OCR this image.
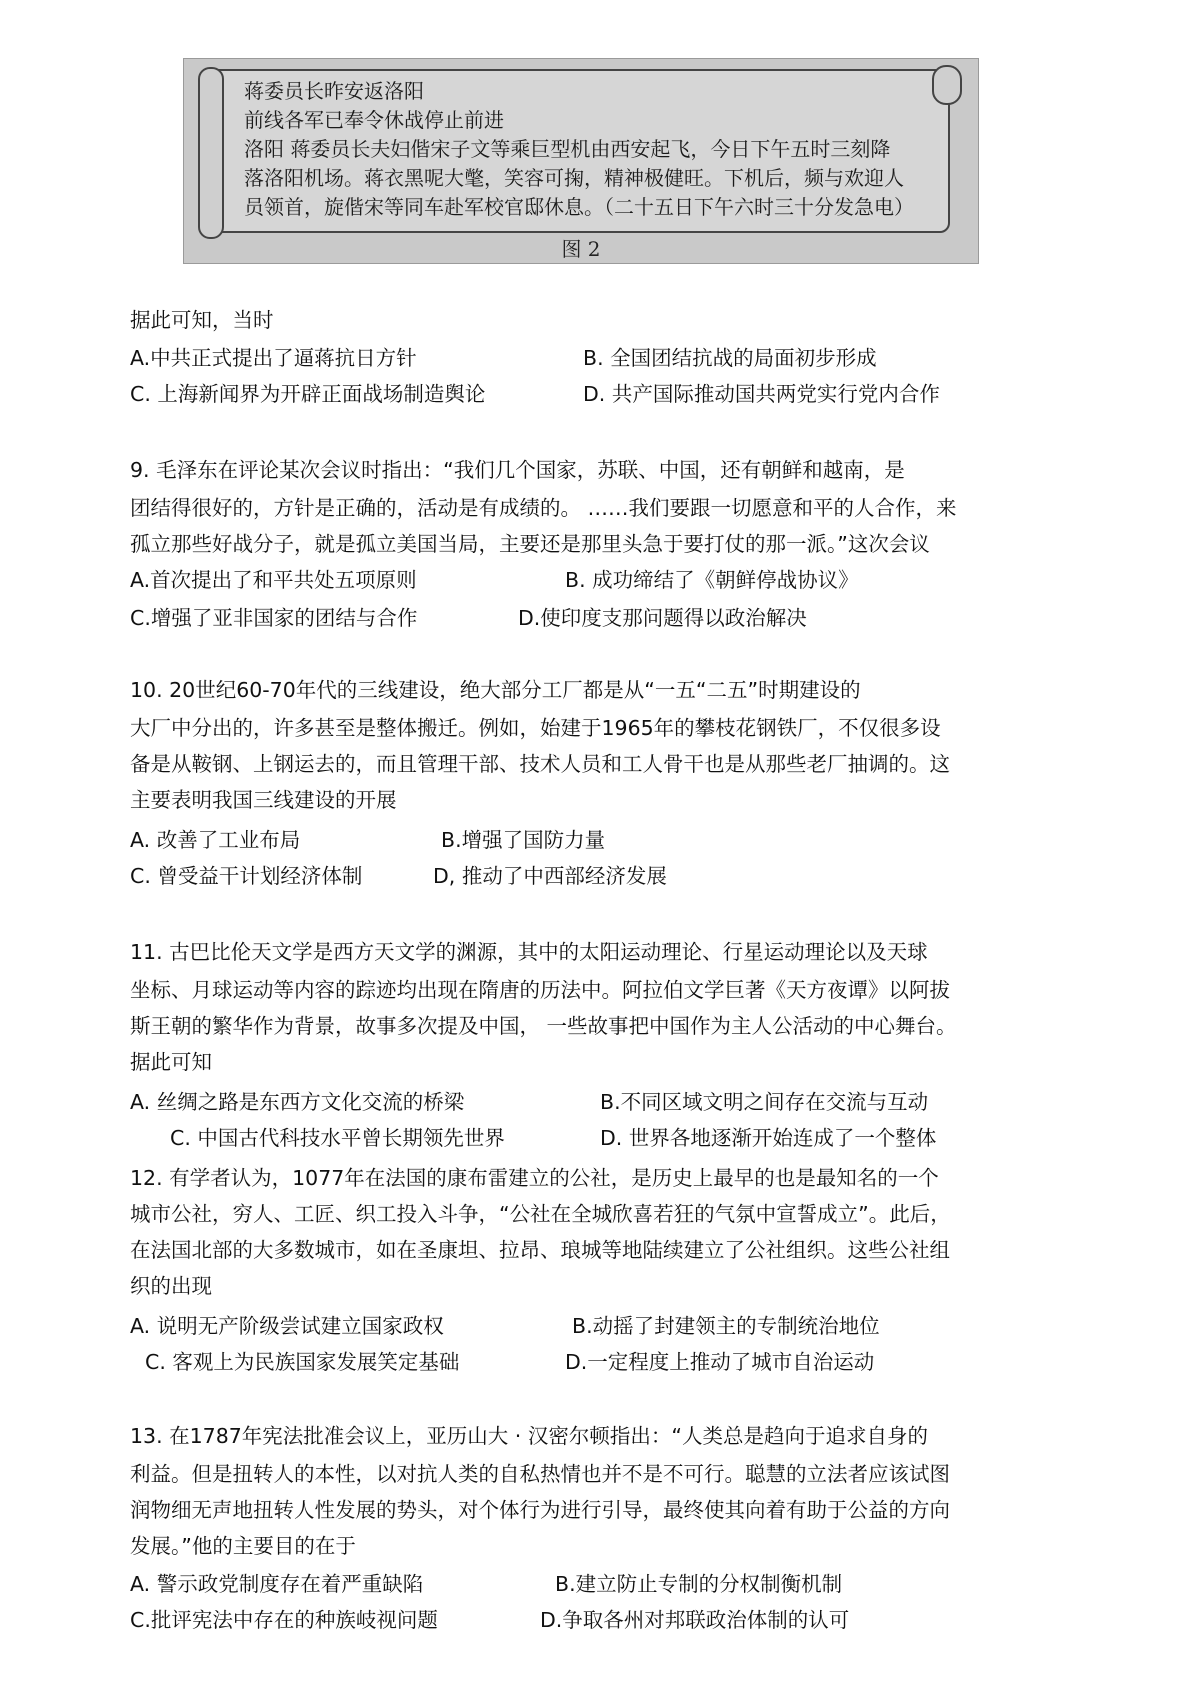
蒋委员长昨安返洛阳
前线各军已奉令休战停止前进
洛阳 蒋委员长夫妇偕宋子文等乘巨型机由西安起飞，今日下午五时三刻降
落洛阳机场。蒋衣黑呢大氅，笑容可掬，精神极健旺。下机后，频与欢迎人
员领首，旋偕宋等同车赴军校官邸休息。（二十五日下午六时三十分发急电）
图 2
据此可知，当时
A.中共正式提出了逼蒋抗日方针	B. 全国团结抗战的局面初步形成
C. 上海新闻界为开辟正面战场制造舆论	D. 共产国际推动国共两党实行党内合作
9. 毛泽东在评论某次会议时指出：“我们几个国家，苏联、中国，还有朝鲜和越南，是
团结得很好的，方针是正确的，活动是有成绩的。 ……我们要跟一切愿意和平的人合作，来
孤立那些好战分子，就是孤立美国当局，主要还是那里头急于要打仗的那一派。”这次会议
A.首次提出了和平共处五项原则	B. 成功缔结了《朝鲜停战协议》
C.增强了亚非国家的团结与合作	D.使印度支那问题得以政治解决
10. 20世纪60-70年代的三线建设，绝大部分工厂都是从“一五“二五”时期建设的
大厂中分出的，许多甚至是整体搬迁。例如，始建于1965年的攀枝花钢铁厂，不仅很多设
备是从鞍钢、上钢运去的，而且管理干部、技术人员和工人骨干也是从那些老厂抽调的。这
主要表明我国三线建设的开展
A. 改善了工业布局	B.增强了国防力量
C. 曾受益干计划经济体制	D, 推动了中西部经济发展
11. 古巴比伦天文学是西方天文学的渊源，其中的太阳运动理论、行星运动理论以及天球
坐标、月球运动等内容的踪迹均出现在隋唐的历法中。阿拉伯文学巨著《天方夜谭》以阿拔
斯王朝的繁华作为背景，故事多次提及中国， 一些故事把中国作为主人公活动的中心舞台。
据此可知
A. 丝绸之路是东西方文化交流的桥梁	B.不同区域文明之间存在交流与互动
C. 中国古代科技水平曾长期领先世界	D. 世界各地逐渐开始连成了一个整体
12. 有学者认为，1077年在法国的康布雷建立的公社，是历史上最早的也是最知名的一个
城市公社，穷人、工匠、织工投入斗争，“公社在全城欣喜若狂的气氛中宣誓成立”。此后，
在法国北部的大多数城市，如在圣康坦、拉昂、琅城等地陆续建立了公社组织。这些公社组
织的出现
A. 说明无产阶级尝试建立国家政权	B.动摇了封建领主的专制统治地位
C. 客观上为民族国家发展笑定基础	D.一定程度上推动了城市自治运动
13. 在1787年宪法批准会议上，亚历山大 · 汉密尔顿指出：“人类总是趋向于追求自身的
利益。但是扭转人的本性，以对抗人类的自私热情也并不是不可行。聪慧的立法者应该试图
润物细无声地扭转人性发展的势头，对个体行为进行引导，最终使其向着有助于公益的方向
发展。”他的主要目的在于
A. 警示政党制度存在着严重缺陷	B.建立防止专制的分权制衡机制
C.批评宪法中存在的种族岐视问题	D.争取各州对邦联政治体制的认可
